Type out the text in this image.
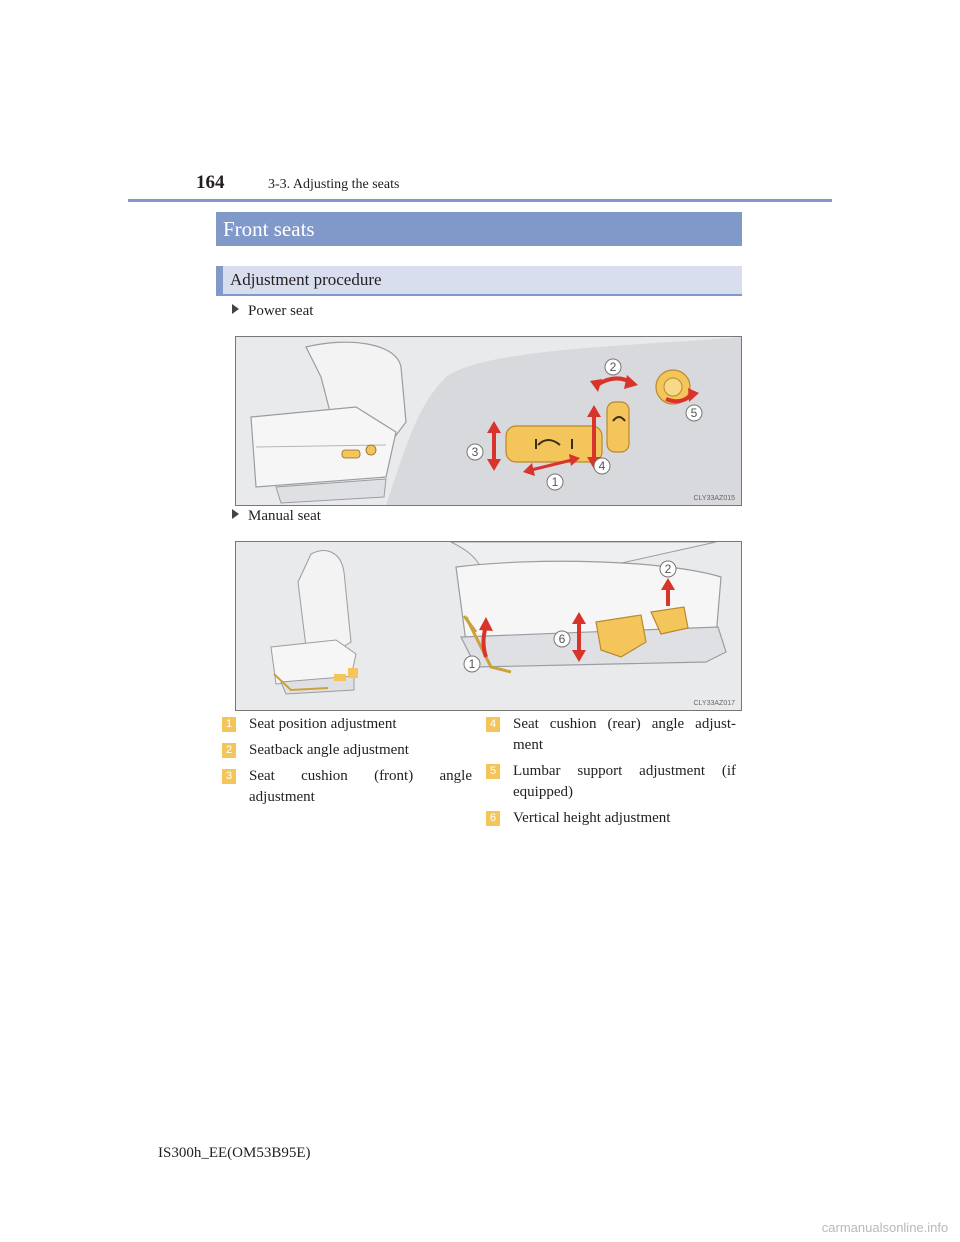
164	3-3. Adjusting the seats
Front seats
Adjustment procedure
Power seat
2
3
1
4
5
CLY33AZ015
Manual seat
1
2
6
CLY33AZ017
1 Seat position adjustment
2 Seatback angle adjustment
3 Seat cushion (front) angle adjustment
4 Seat cushion (rear) angle adjust-ment
5 Lumbar support adjustment (if equipped)
6 Vertical height adjustment
IS300h_EE(OM53B95E)
carmanualsonline.info
